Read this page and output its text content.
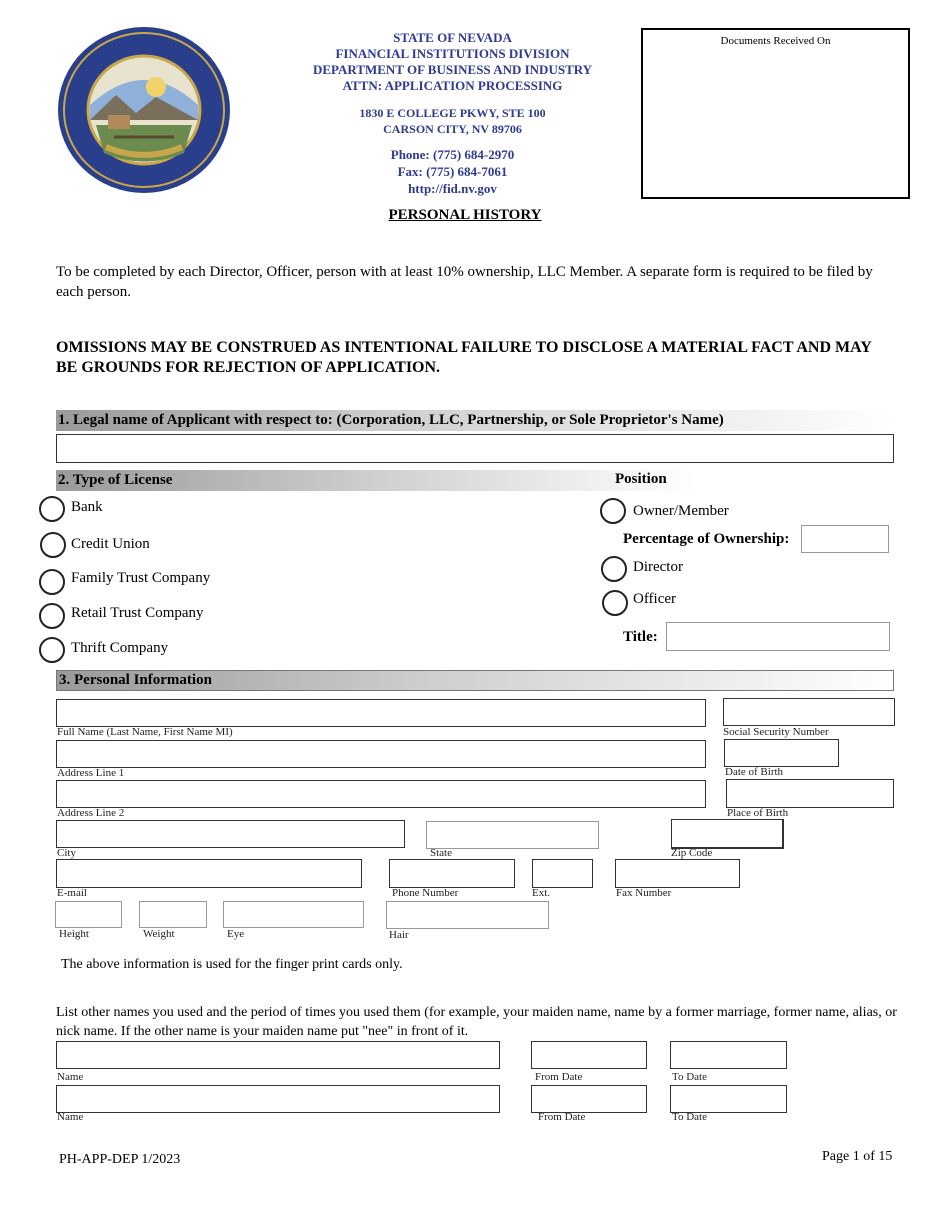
STATE OF NEVADA
FINANCIAL INSTITUTIONS DIVISION
DEPARTMENT OF BUSINESS AND INDUSTRY
ATTN: APPLICATION PROCESSING
1830 E COLLEGE PKWY, STE 100
CARSON CITY, NV 89706
Phone: (775) 684-2970
Fax: (775) 684-7061
http://fid.nv.gov
Documents Received On
PERSONAL HISTORY
To be completed by each Director, Officer, person with at least 10% ownership, LLC Member. A separate form is required to be filed by each person.
OMISSIONS MAY BE CONSTRUED AS INTENTIONAL FAILURE TO DISCLOSE A MATERIAL FACT AND MAY BE GROUNDS FOR REJECTION OF APPLICATION.
1. Legal name of Applicant with respect to: (Corporation, LLC, Partnership, or Sole Proprietor's Name)
2. Type of License	Position
Bank
Credit Union
Family Trust Company
Retail Trust Company
Thrift Company
Owner/Member
Percentage of Ownership:
Director
Officer
Title:
3. Personal Information
Full Name (Last Name, First Name MI)	Social Security Number
Address Line 1	Date of Birth
Address Line 2	Place of Birth
City	State	Zip Code
E-mail	Phone Number	Ext.	Fax Number
Height	Weight	Eye	Hair
The above information is used for the finger print cards only.
List other names you used and the period of times you used them (for example, your maiden name, name by a former marriage, former name, alias, or nick name. If the other name is your maiden name put "nee" in front of it.
Name	From Date	To Date
Name	From Date	To Date
PH-APP-DEP 1/2023	Page 1 of 15
